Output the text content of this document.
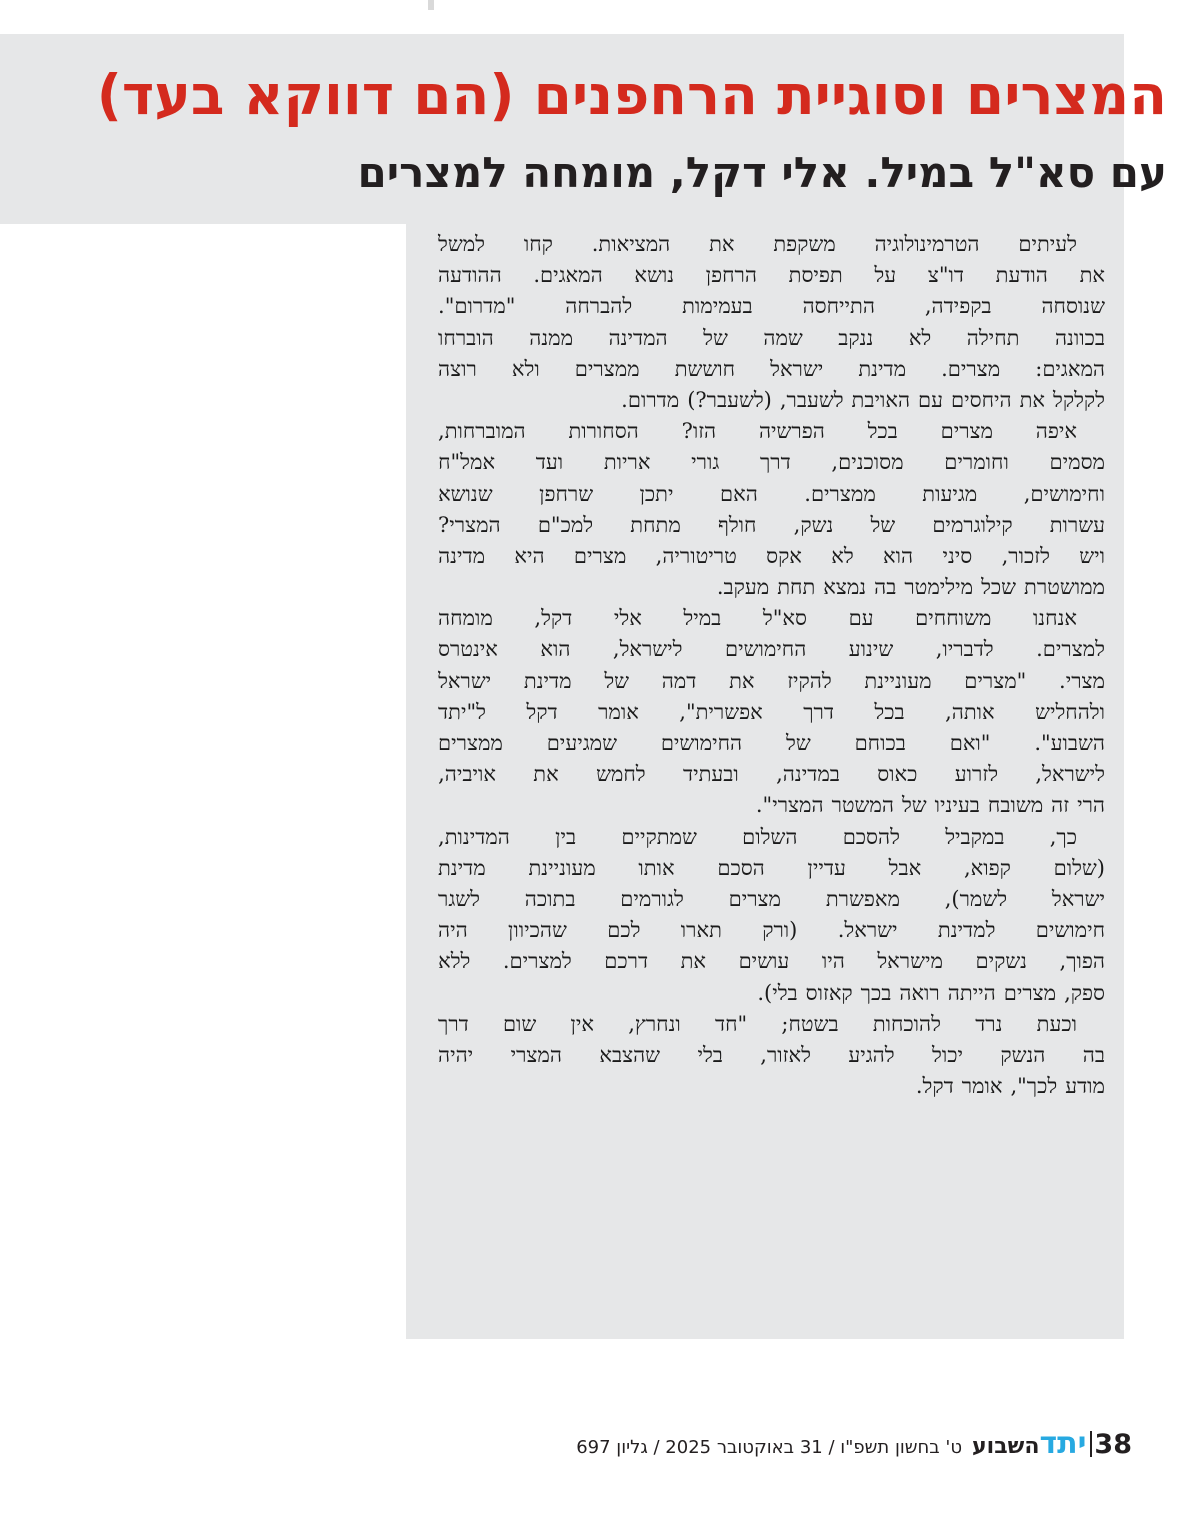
המצרים וסוגיית הרחפנים (הם דווקא בעד)
עם סא"ל במיל. אלי דקל, מומחה למצרים
לעיתים
הטרמינולוגיה
משקפת
את
המציאות.
קחו
למשל
את
הודעת
דו"צ
על
תפיסת
הרחפן
נושא
המאגים.
ההודעה
שנוסחה
בקפידה,
התייחסה
בעמימות
להברחה
"מדרום".
בכוונה
תחילה
לא
ננקב
שמה
של
המדינה
ממנה
הוברחו
המאגים:
מצרים.
מדינת
ישראל
חוששת
ממצרים
ולא
רוצה
לקלקל
את
היחסים
עם
האויבת
לשעבר,
(לשעבר?)
מדרום.
איפה
מצרים
בכל
הפרשיה
הזו?
הסחורות
המוברחות,
מסמים
וחומרים
מסוכנים,
דרך
גורי
אריות
ועד
אמל"ח
וחימושים,
מגיעות
ממצרים.
האם
יתכן
שרחפן
שנושא
עשרות
קילוגרמים
של
נשק,
חולף
מתחת
למכ"ם
המצרי?
ויש
לזכור,
סיני
הוא
לא
אקס
טריטוריה,
מצרים
היא
מדינה
ממושטרת
שכל
מילימטר
בה
נמצא
תחת
מעקב.
אנחנו
משוחחים
עם
סא"ל
במיל
אלי
דקל,
מומחה
למצרים.
לדבריו,
שינוע
החימושים
לישראל,
הוא
אינטרס
מצרי.
"מצרים
מעוניינת
להקיז
את
דמה
של
מדינת
ישראל
ולהחליש
אותה,
בכל
דרך
אפשרית",
אומר
דקל
ל"יתד
השבוע".
"ואם
בכוחם
של
החימושים
שמגיעים
ממצרים
לישראל,
לזרוע
כאוס
במדינה,
ובעתיד
לחמש
את
אויביה,
הרי
זה
משובח
בעיניו
של
המשטר
המצרי".
כך,
במקביל
להסכם
השלום
שמתקיים
בין
המדינות,
(שלום
קפוא,
אבל
עדיין
הסכם
אותו
מעוניינת
מדינת
ישראל
לשמר),
מאפשרת
מצרים
לגורמים
בתוכה
לשגר
חימושים
למדינת
ישראל.
(ורק
תארו
לכם
שהכיוון
היה
הפוך,
נשקים
מישראל
היו
עושים
את
דרכם
למצרים.
ללא
ספק,
מצרים
הייתה
רואה
בכך
קאזוס
בלי).
וכעת
נרד
להוכחות
בשטח;
"חד
ונחרץ,
אין
שום
דרך
בה
הנשק
יכול
להגיע
לאזור,
בלי
שהצבא
המצרי
יהיה
מודע
לכך",
אומר
דקל.
38
יתד
השבוע
ט' בחשון תשפ"ו / 31 באוקטובר 2025 / גליון 697
